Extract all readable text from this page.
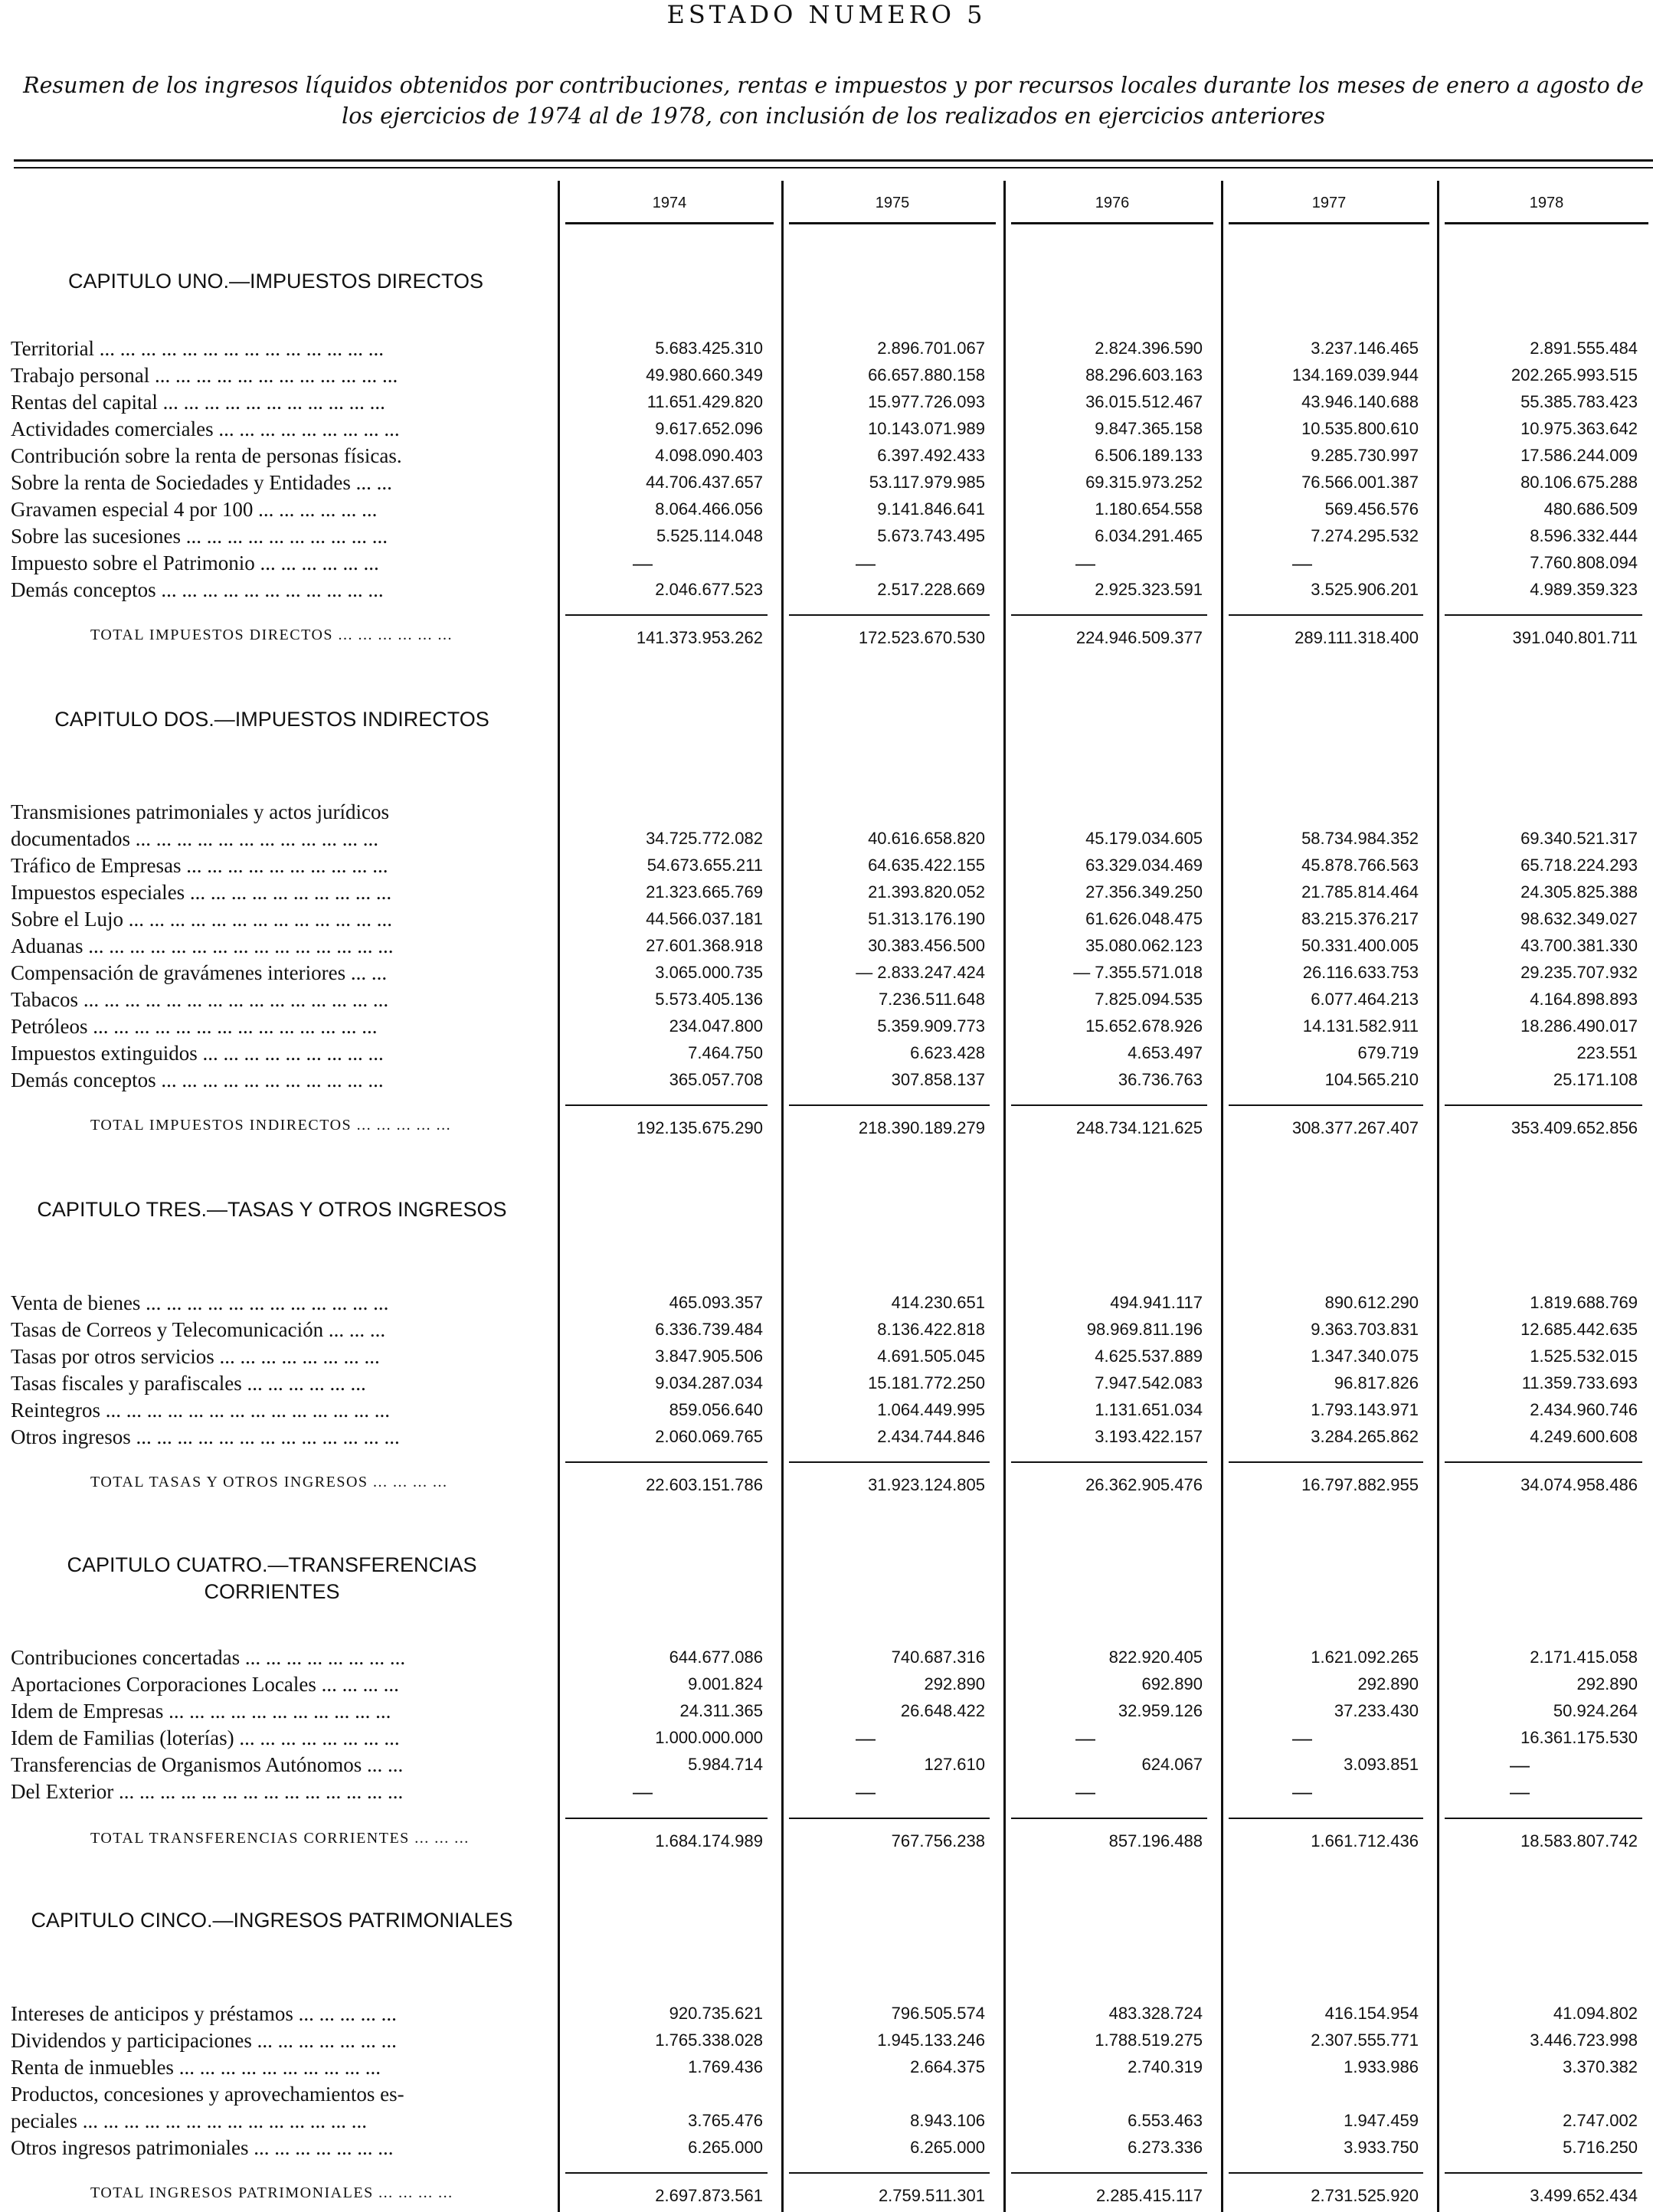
ESTADO NUMERO 5
Resumen de los ingresos líquidos obtenidos por contribuciones, rentas e impuestos y por recursos locales durante los meses de enero a agosto de los ejercicios de 1974 al de 1978, con inclusión de los realizados en ejercicios anteriores
1974	1975	1976	1977	1978
CAPITULO UNO.—IMPUESTOS DIRECTOS
Territorial ... ... ... ... ... ... ... ... ... ... ... ... ... ...	5.683.425.310	2.896.701.067	2.824.396.590	3.237.146.465	2.891.555.484
Trabajo personal ... ... ... ... ... ... ... ... ... ... ... ...	49.980.660.349	66.657.880.158	88.296.603.163	134.169.039.944	202.265.993.515
Rentas del capital ... ... ... ... ... ... ... ... ... ... ...	11.651.429.820	15.977.726.093	36.015.512.467	43.946.140.688	55.385.783.423
Actividades comerciales ... ... ... ... ... ... ... ... ...	9.617.652.096	10.143.071.989	9.847.365.158	10.535.800.610	10.975.363.642
Contribución sobre la renta de personas físicas.	4.098.090.403	6.397.492.433	6.506.189.133	9.285.730.997	17.586.244.009
Sobre la renta de Sociedades y Entidades ... ...	44.706.437.657	53.117.979.985	69.315.973.252	76.566.001.387	80.106.675.288
Gravamen especial 4 por 100 ... ... ... ... ... ...	8.064.466.056	9.141.846.641	1.180.654.558	569.456.576	480.686.509
Sobre las sucesiones ... ... ... ... ... ... ... ... ... ...	5.525.114.048	5.673.743.495	6.034.291.465	7.274.295.532	8.596.332.444
Impuesto sobre el Patrimonio ... ... ... ... ... ...	—	—	—	—	7.760.808.094
Demás conceptos ... ... ... ... ... ... ... ... ... ... ...	2.046.677.523	2.517.228.669	2.925.323.591	3.525.906.201	4.989.359.323
TOTAL IMPUESTOS DIRECTOS ... ... ... ... ... ...	141.373.953.262	172.523.670.530	224.946.509.377	289.111.318.400	391.040.801.711
CAPITULO DOS.—IMPUESTOS INDIRECTOS
Transmisiones patrimoniales y actos jurídicos
documentados ... ... ... ... ... ... ... ... ... ... ... ...	34.725.772.082	40.616.658.820	45.179.034.605	58.734.984.352	69.340.521.317
Tráfico de Empresas ... ... ... ... ... ... ... ... ... ...	54.673.655.211	64.635.422.155	63.329.034.469	45.878.766.563	65.718.224.293
Impuestos especiales ... ... ... ... ... ... ... ... ... ...	21.323.665.769	21.393.820.052	27.356.349.250	21.785.814.464	24.305.825.388
Sobre el Lujo ... ... ... ... ... ... ... ... ... ... ... ... ...	44.566.037.181	51.313.176.190	61.626.048.475	83.215.376.217	98.632.349.027
Aduanas ... ... ... ... ... ... ... ... ... ... ... ... ... ... ...	27.601.368.918	30.383.456.500	35.080.062.123	50.331.400.005	43.700.381.330
Compensación de gravámenes interiores ... ...	3.065.000.735	— 2.833.247.424	— 7.355.571.018	26.116.633.753	29.235.707.932
Tabacos ... ... ... ... ... ... ... ... ... ... ... ... ... ... ...	5.573.405.136	7.236.511.648	7.825.094.535	6.077.464.213	4.164.898.893
Petróleos ... ... ... ... ... ... ... ... ... ... ... ... ... ...	234.047.800	5.359.909.773	15.652.678.926	14.131.582.911	18.286.490.017
Impuestos extinguidos ... ... ... ... ... ... ... ... ...	7.464.750	6.623.428	4.653.497	679.719	223.551
Demás conceptos ... ... ... ... ... ... ... ... ... ... ...	365.057.708	307.858.137	36.736.763	104.565.210	25.171.108
TOTAL IMPUESTOS INDIRECTOS ... ... ... ... ...	192.135.675.290	218.390.189.279	248.734.121.625	308.377.267.407	353.409.652.856
CAPITULO TRES.—TASAS Y OTROS INGRESOS
Venta de bienes ... ... ... ... ... ... ... ... ... ... ... ...	465.093.357	414.230.651	494.941.117	890.612.290	1.819.688.769
Tasas de Correos y Telecomunicación ... ... ...	6.336.739.484	8.136.422.818	98.969.811.196	9.363.703.831	12.685.442.635
Tasas por otros servicios ... ... ... ... ... ... ... ...	3.847.905.506	4.691.505.045	4.625.537.889	1.347.340.075	1.525.532.015
Tasas fiscales y parafiscales ... ... ... ... ... ...	9.034.287.034	15.181.772.250	7.947.542.083	96.817.826	11.359.733.693
Reintegros ... ... ... ... ... ... ... ... ... ... ... ... ... ...	859.056.640	1.064.449.995	1.131.651.034	1.793.143.971	2.434.960.746
Otros ingresos ... ... ... ... ... ... ... ... ... ... ... ... ...	2.060.069.765	2.434.744.846	3.193.422.157	3.284.265.862	4.249.600.608
TOTAL TASAS Y OTROS INGRESOS ... ... ... ...	22.603.151.786	31.923.124.805	26.362.905.476	16.797.882.955	34.074.958.486
CAPITULO CUATRO.—TRANSFERENCIAS CORRIENTES
Contribuciones concertadas ... ... ... ... ... ... ... ...	644.677.086	740.687.316	822.920.405	1.621.092.265	2.171.415.058
Aportaciones Corporaciones Locales ... ... ... ...	9.001.824	292.890	692.890	292.890	292.890
Idem de Empresas ... ... ... ... ... ... ... ... ... ... ...	24.311.365	26.648.422	32.959.126	37.233.430	50.924.264
Idem de Familias (loterías) ... ... ... ... ... ... ... ...	1.000.000.000	—	—	—	16.361.175.530
Transferencias de Organismos Autónomos ... ...	5.984.714	127.610	624.067	3.093.851	—
Del Exterior ... ... ... ... ... ... ... ... ... ... ... ... ... ...	—	—	—	—	—
TOTAL TRANSFERENCIAS CORRIENTES ... ... ...	1.684.174.989	767.756.238	857.196.488	1.661.712.436	18.583.807.742
CAPITULO CINCO.—INGRESOS PATRIMONIALES
Intereses de anticipos y préstamos ... ... ... ... ...	920.735.621	796.505.574	483.328.724	416.154.954	41.094.802
Dividendos y participaciones ... ... ... ... ... ... ...	1.765.338.028	1.945.133.246	1.788.519.275	2.307.555.771	3.446.723.998
Renta de inmuebles ... ... ... ... ... ... ... ... ... ...	1.769.436	2.664.375	2.740.319	1.933.986	3.370.382
Productos, concesiones y aprovechamientos es-
peciales ... ... ... ... ... ... ... ... ... ... ... ... ... ...	3.765.476	8.943.106	6.553.463	1.947.459	2.747.002
Otros ingresos patrimoniales ... ... ... ... ... ... ...	6.265.000	6.265.000	6.273.336	3.933.750	5.716.250
TOTAL INGRESOS PATRIMONIALES ... ... ... ...	2.697.873.561	2.759.511.301	2.285.415.117	2.731.525.920	3.499.652.434
